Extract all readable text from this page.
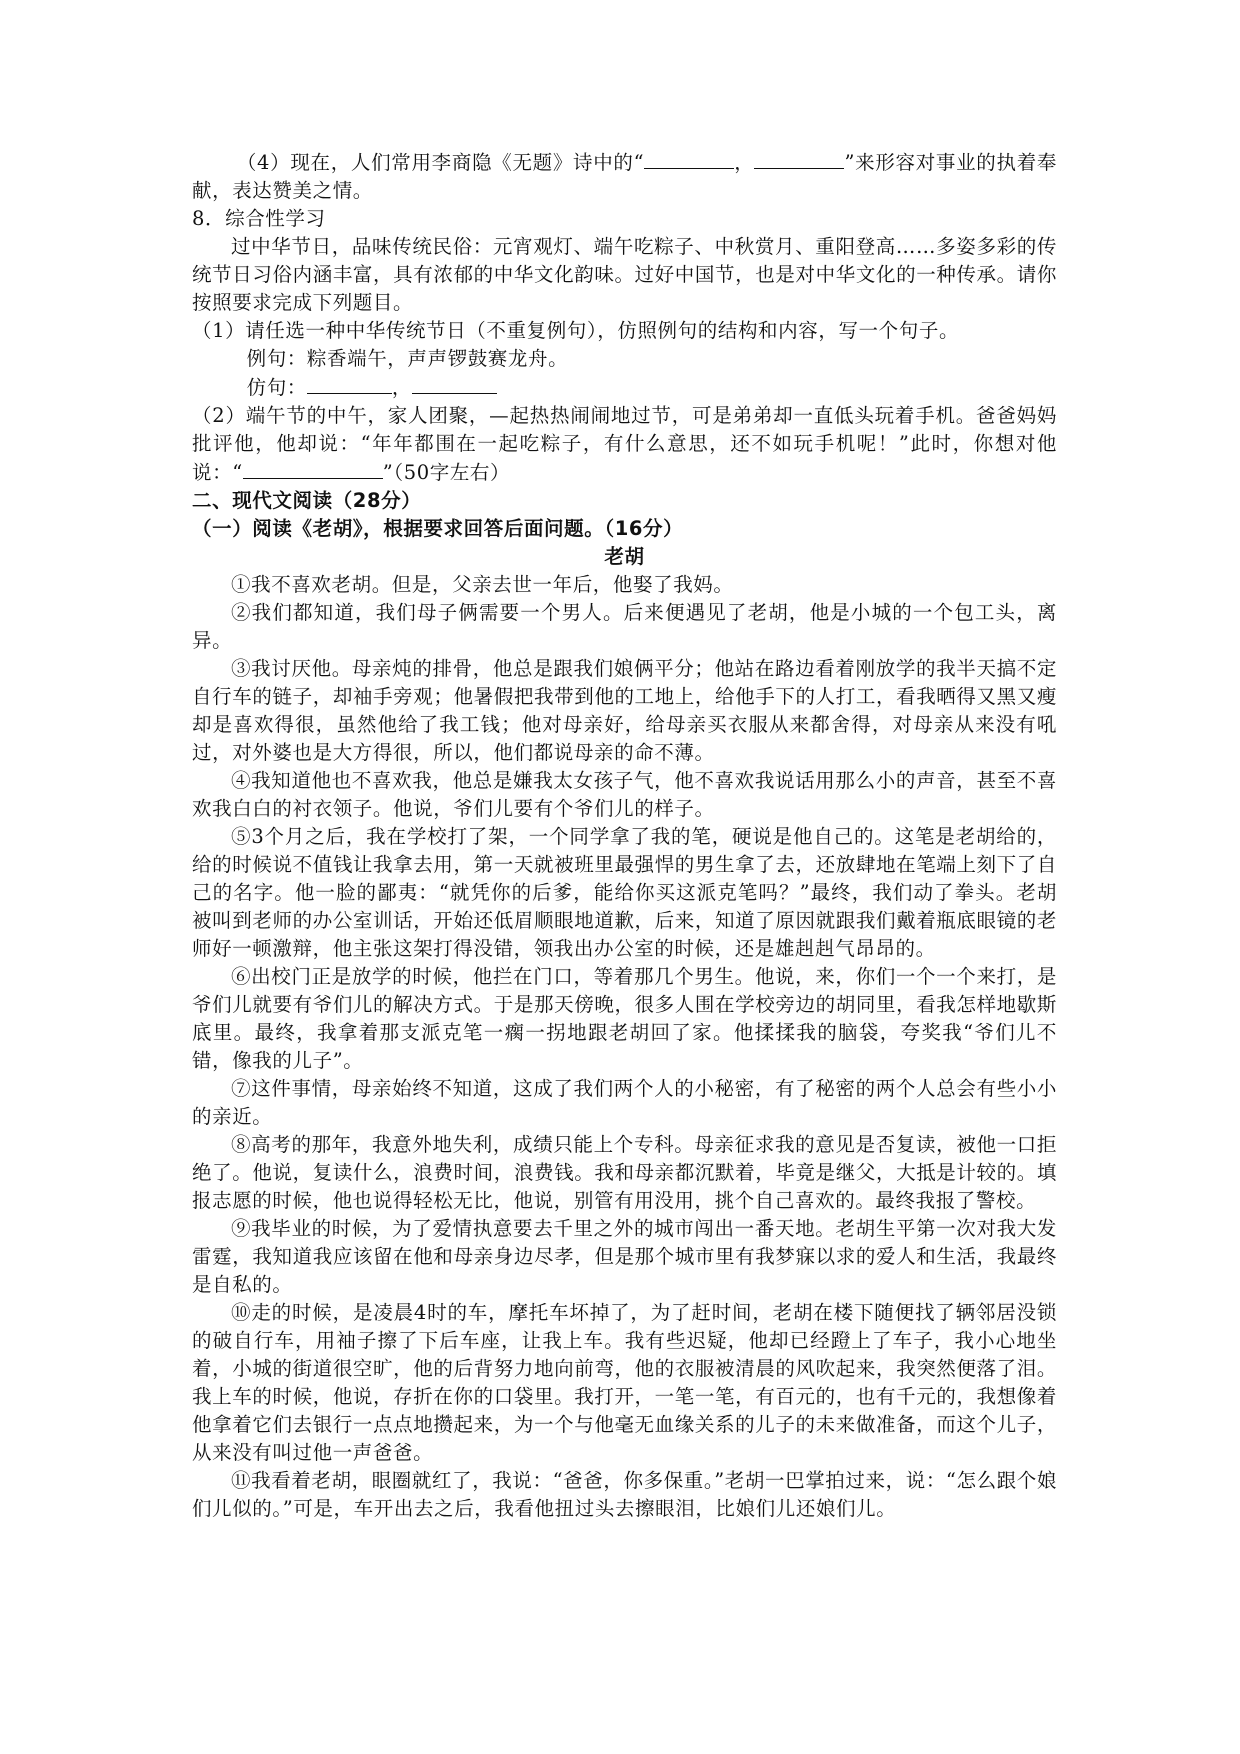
（4）现在，人们常用李商隐《无题》诗中的“	，	”来形容对事业的执着奉献，表达赞美之情。

8．综合性学习

过中华节日，品味传统民俗：元宵观灯、端午吃粽子、中秋赏月、重阳登高……多姿多彩的传统节日习俗内涵丰富，具有浓郁的中华文化韵味。过好中国节，也是对中华文化的一种传承。请你按照要求完成下列题目。

（1）请任选一种中华传统节日（不重复例句），仿照例句的结构和内容，写一个句子。

例句：粽香端午，声声锣鼓赛龙舟。

仿句：	，

（2）端午节的中午，家人团聚，—起热热闹闹地过节，可是弟弟却一直低头玩着手机。爸爸妈妈批评他，他却说：“年年都围在一起吃粽子，有什么意思，还不如玩手机呢！”此时，你想对他说：“	”（50字左右）

二、现代文阅读（28分）

（一）阅读《老胡》，根据要求回答后面问题。（16分）

老胡

①我不喜欢老胡。但是，父亲去世一年后，他娶了我妈。

②我们都知道，我们母子俩需要一个男人。后来便遇见了老胡，他是小城的一个包工头，离异。

③我讨厌他。母亲炖的排骨，他总是跟我们娘俩平分；他站在路边看着刚放学的我半天搞不定自行车的链子，却袖手旁观；他暑假把我带到他的工地上，给他手下的人打工，看我晒得又黑又瘦却是喜欢得很，虽然他给了我工钱；他对母亲好，给母亲买衣服从来都舍得，对母亲从来没有吼过，对外婆也是大方得很，所以，他们都说母亲的命不薄。

④我知道他也不喜欢我，他总是嫌我太女孩子气，他不喜欢我说话用那么小的声音，甚至不喜欢我白白的衬衣领子。他说，爷们儿要有个爷们儿的样子。

⑤3个月之后，我在学校打了架，一个同学拿了我的笔，硬说是他自己的。这笔是老胡给的，给的时候说不值钱让我拿去用，第一天就被班里最强悍的男生拿了去，还放肆地在笔端上刻下了自己的名字。他一脸的鄙夷：“就凭你的后爹，能给你买这派克笔吗？”最终，我们动了拳头。老胡被叫到老师的办公室训话，开始还低眉顺眼地道歉，后来，知道了原因就跟我们戴着瓶底眼镜的老师好一顿激辩，他主张这架打得没错，领我出办公室的时候，还是雄赳赳气昂昂的。

⑥出校门正是放学的时候，他拦在门口，等着那几个男生。他说，来，你们一个一个来打，是爷们儿就要有爷们儿的解决方式。于是那天傍晚，很多人围在学校旁边的胡同里，看我怎样地歇斯底里。最终，我拿着那支派克笔一瘸一拐地跟老胡回了家。他揉揉我的脑袋，夸奖我“爷们儿不错，像我的儿子”。

⑦这件事情，母亲始终不知道，这成了我们两个人的小秘密，有了秘密的两个人总会有些小小的亲近。

⑧高考的那年，我意外地失利，成绩只能上个专科。母亲征求我的意见是否复读，被他一口拒绝了。他说，复读什么，浪费时间，浪费钱。我和母亲都沉默着，毕竟是继父，大抵是计较的。填报志愿的时候，他也说得轻松无比，他说，别管有用没用，挑个自己喜欢的。最终我报了警校。

⑨我毕业的时候，为了爱情执意要去千里之外的城市闯出一番天地。老胡生平第一次对我大发雷霆，我知道我应该留在他和母亲身边尽孝，但是那个城市里有我梦寐以求的爱人和生活，我最终是自私的。

⑩走的时候，是凌晨4时的车，摩托车坏掉了，为了赶时间，老胡在楼下随便找了辆邻居没锁的破自行车，用袖子擦了下后车座，让我上车。我有些迟疑，他却已经蹬上了车子，我小心地坐着，小城的街道很空旷，他的后背努力地向前弯，他的衣服被清晨的风吹起来，我突然便落了泪。我上车的时候，他说，存折在你的口袋里。我打开，一笔一笔，有百元的，也有千元的，我想像着他拿着它们去银行一点点地攒起来，为一个与他毫无血缘关系的儿子的未来做准备，而这个儿子，从来没有叫过他一声爸爸。

⑪我看着老胡，眼圈就红了，我说：“爸爸，你多保重。”老胡一巴掌拍过来，说：“怎么跟个娘们儿似的。”可是，车开出去之后，我看他扭过头去擦眼泪，比娘们儿还娘们儿。
